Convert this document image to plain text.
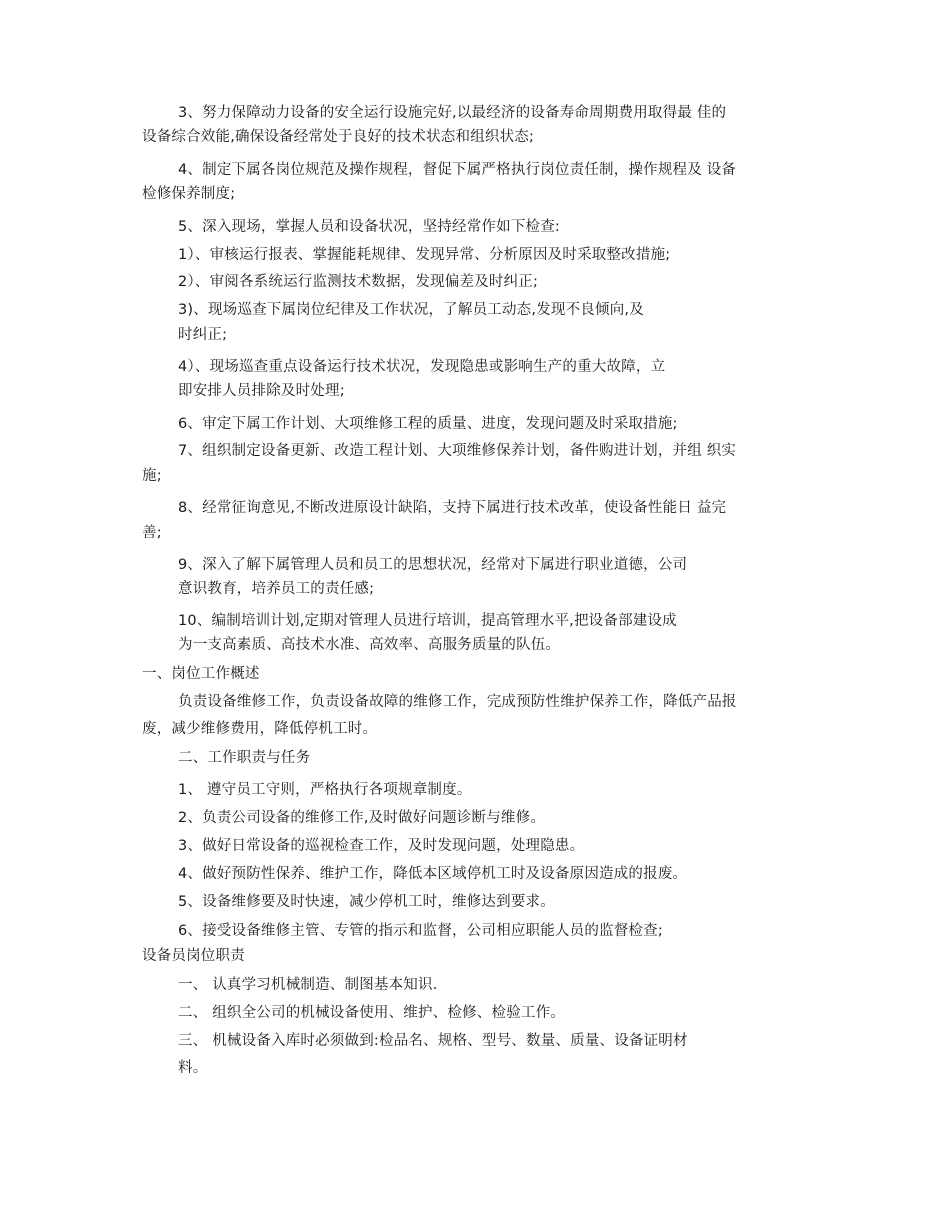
3、努力保障动力设备的安全运行设施完好,以最经济的设备寿命周期费用取得最 佳的
设备综合效能,确保设备经常处于良好的技术状态和组织状态;
4、制定下属各岗位规范及操作规程，督促下属严格执行岗位责任制，操作规程及 设备
检修保养制度;
5、深入现场，掌握人员和设备状况，坚持经常作如下检查:
1）、审核运行报表、掌握能耗规律、发现异常、分析原因及时采取整改措施;
2）、审阅各系统运行监测技术数据，发现偏差及时纠正;
3)、现场巡查下属岗位纪律及工作状况，了解员工动态,发现不良倾向,及
时纠正;
4）、现场巡查重点设备运行技术状况，发现隐患或影响生产的重大故障，立
即安排人员排除及时处理;
6、审定下属工作计划、大项维修工程的质量、进度，发现问题及时采取措施;
7、组织制定设备更新、改造工程计划、大项维修保养计划，备件购进计划，并组 织实
施;
8、经常征询意见,不断改进原设计缺陷，支持下属进行技术改革，使设备性能日 益完
善;
9、深入了解下属管理人员和员工的思想状况，经常对下属进行职业道德，公司
意识教育，培养员工的责任感;
10、编制培训计划,定期对管理人员进行培训，提高管理水平,把设备部建设成
为一支高素质、高技术水准、高效率、高服务质量的队伍。
一、岗位工作概述
负责设备维修工作，负责设备故障的维修工作，完成预防性维护保养工作，降低产品报
废，减少维修费用，降低停机工时。
二、工作职责与任务
1、 遵守员工守则，严格执行各项规章制度。
2、负责公司设备的维修工作,及时做好问题诊断与维修。
3、做好日常设备的巡视检查工作，及时发现问题，处理隐患。
4、做好预防性保养、维护工作，降低本区域停机工时及设备原因造成的报废。
5、设备维修要及时快速，减少停机工时，维修达到要求。
6、接受设备维修主管、专管的指示和监督，公司相应职能人员的监督检查;
设备员岗位职责
一、 认真学习机械制造、制图基本知识.
二、 组织全公司的机械设备使用、维护、检修、检验工作。
三、 机械设备入库时必须做到:检品名、规格、型号、数量、质量、设备证明材
料。
